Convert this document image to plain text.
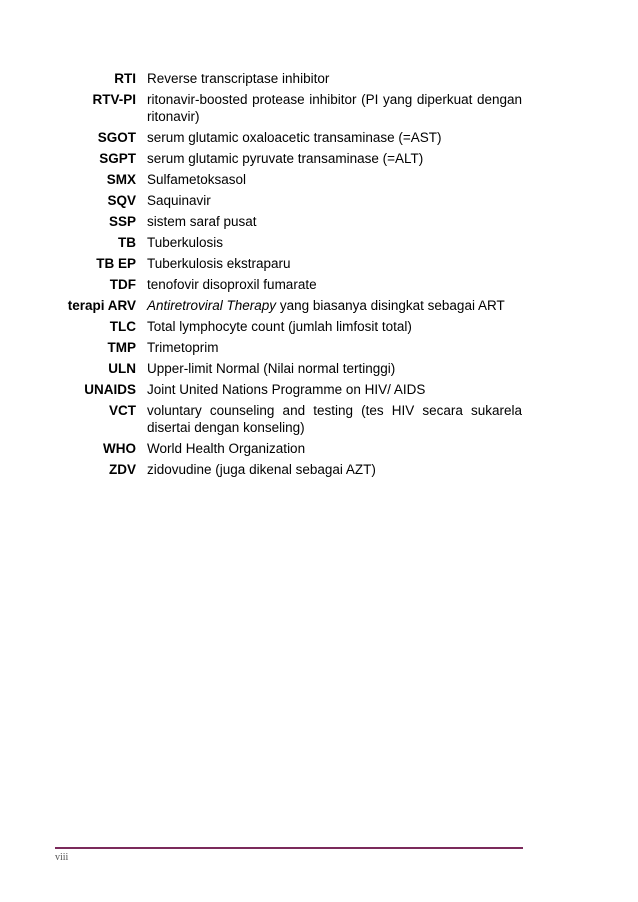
RTI Reverse transcriptase inhibitor
RTV-PI ritonavir-boosted protease inhibitor (PI yang diperkuat dengan ritonavir)
SGOT serum glutamic oxaloacetic transaminase (=AST)
SGPT serum glutamic pyruvate transaminase (=ALT)
SMX Sulfametoksasol
SQV Saquinavir
SSP sistem saraf pusat
TB Tuberkulosis
TB EP Tuberkulosis ekstraparu
TDF tenofovir disoproxil fumarate
terapi ARV Antiretroviral Therapy yang biasanya disingkat sebagai ART
TLC Total lymphocyte count (jumlah limfosit total)
TMP Trimetoprim
ULN Upper-limit Normal (Nilai normal tertinggi)
UNAIDS Joint United Nations Programme on HIV/ AIDS
VCT voluntary counseling and testing (tes HIV secara sukarela disertai dengan konseling)
WHO World Health Organization
ZDV zidovudine (juga dikenal sebagai AZT)
viii
